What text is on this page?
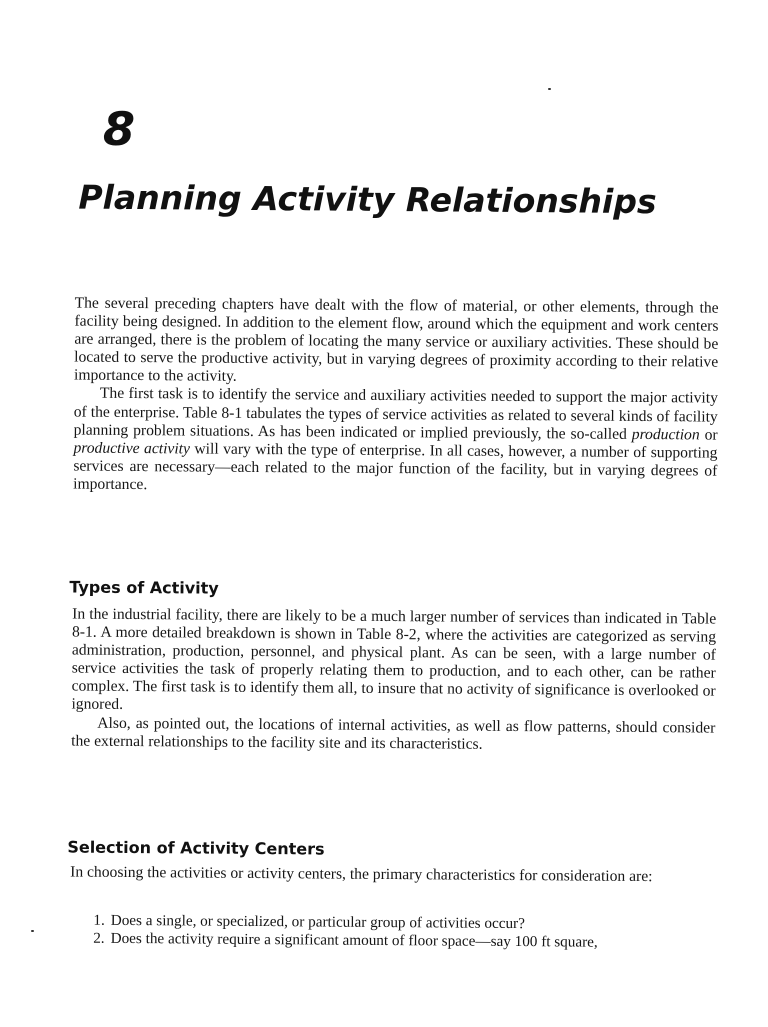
8
Planning Activity Relationships

The several preceding chapters have dealt with the flow of material, or other elements, through the facility being designed. In addition to the element flow, around which the equipment and work centers are arranged, there is the problem of locating the many service or auxiliary activities. These should be located to serve the productive activity, but in varying degrees of proximity according to their relative importance to the activity.

The first task is to identify the service and auxiliary activities needed to support the major activity of the enterprise. Table 8-1 tabulates the types of service activities as related to several kinds of facility planning problem situations. As has been indicated or implied previously, the so-called production or productive activity will vary with the type of enterprise. In all cases, however, a number of supporting services are necessary—each related to the major function of the facility, but in varying degrees of importance.

Types of Activity

In the industrial facility, there are likely to be a much larger number of services than indicated in Table 8-1. A more detailed breakdown is shown in Table 8-2, where the activities are categorized as serving administration, production, personnel, and physical plant. As can be seen, with a large number of service activities the task of properly relating them to production, and to each other, can be rather complex. The first task is to identify them all, to insure that no activity of significance is overlooked or ignored.

Also, as pointed out, the locations of internal activities, as well as flow patterns, should consider the external relationships to the facility site and its characteristics.

Selection of Activity Centers

In choosing the activities or activity centers, the primary characteristics for consideration are:

1. Does a single, or specialized, or particular group of activities occur?
2. Does the activity require a significant amount of floor space—say 100 ft square,
